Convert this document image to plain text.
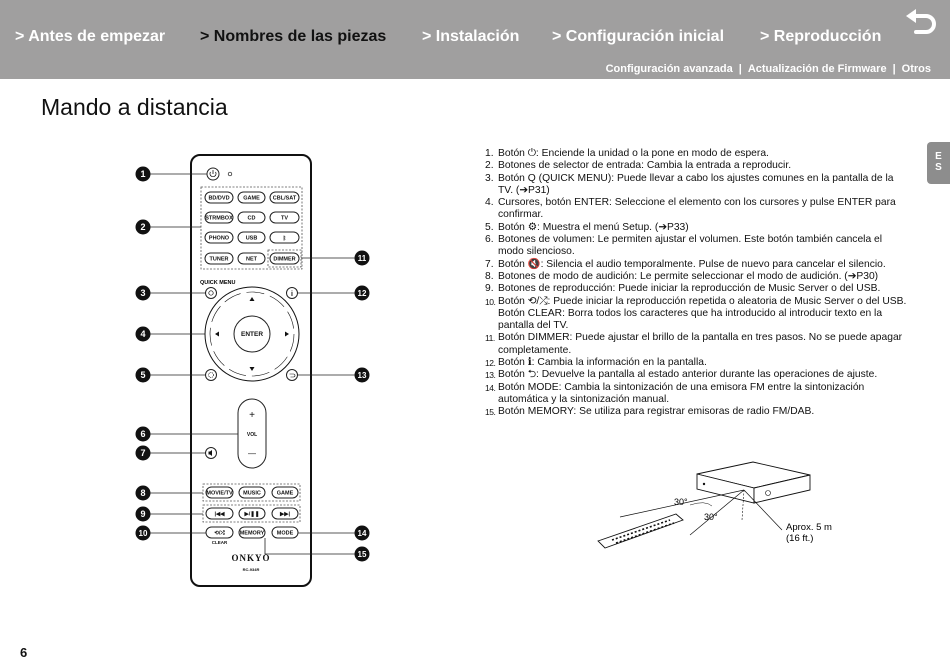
> Antes de empezar > Nombres de las piezas > Instalación > Configuración inicial > Reproducción
Configuración avanzada | Actualización de Firmware | Otros
Mando a distancia
E
S
6
BD/DVD GAME CBL/SAT
STRMBOX	CD	TV
PHONO	USB	ᛒ
TUNER	NET	DIMMER
QUICK MENU
i
ENTER
+
VOL
—
MOVIE/TV MUSIC	GAME
|◀◀	▶/❚❚	▶▶|
⟲/⤮
CLEAR
MEMORY MODE
ONKYO
RC-934R
1
2
3
4
5
6
7
8
9
10
11
12
13
14
15
1. Botón ⏻: Enciende la unidad o la pone en modo de espera.
2. Botones de selector de entrada: Cambia la entrada a reproducir.
3. Botón Q (QUICK MENU): Puede llevar a cabo los ajustes comunes en la pantalla de la TV. (➔P31)
4. Cursores, botón ENTER: Seleccione el elemento con los cursores y pulse ENTER para confirmar.
5. Botón ⚙: Muestra el menú Setup. (➔P33)
6. Botones de volumen: Le permiten ajustar el volumen. Este botón también cancela el modo silencioso.
7. Botón 🔇: Silencia el audio temporalmente. Pulse de nuevo para cancelar el silencio.
8. Botones de modo de audición: Le permite seleccionar el modo de audición. (➔P30)
9. Botones de reproducción: Puede iniciar la reproducción de Music Server o del USB.
10. Botón ⟲/⤮: Puede iniciar la reproducción repetida o aleatoria de Music Server o del USB.
Botón CLEAR: Borra todos los caracteres que ha introducido al introducir texto en la pantalla del TV.
11. Botón DIMMER: Puede ajustar el brillo de la pantalla en tres pasos. No se puede apagar completamente.
12. Botón ℹ: Cambia la información en la pantalla.
13. Botón ⮌: Devuelve la pantalla al estado anterior durante las operaciones de ajuste.
14. Botón MODE: Cambia la sintonización de una emisora FM entre la sintonización automática y la sintonización manual.
15. Botón MEMORY: Se utiliza para registrar emisoras de radio FM/DAB.
30°
30°
Aprox. 5 m
(16 ft.)
